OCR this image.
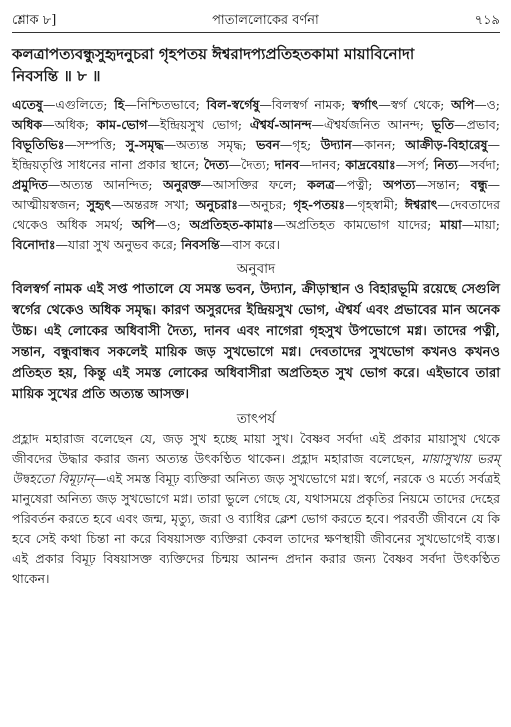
শ্লোক ৮]	পাতাললোকের বর্ণনা	৭১৯
কলত্রাপত্যবন্ধুসুহৃদনুচরা গৃহপতয় ঈশ্বরাদপ্যপ্রতিহতকামা মায়াবিনোদা
নিবসন্তি ॥ ৮ ॥
এতেষু—এগুলিতে; হি—নিশ্চিতভাবে; বিল-স্বর্গেষু—বিলস্বর্গ নামক; স্বর্গাৎ—স্বর্গ থেকে; অপি—ও; অধিক—অধিক; কাম-ভোগ—ইন্দ্রিয়সুখ ভোগ; ঐশ্বর্য-আনন্দ—ঐশ্বর্যজনিত আনন্দ; ভূতি—প্রভাব; বিভূতিভিঃ—সম্পত্তি; সু-সমৃদ্ধ—অত্যন্ত সমৃদ্ধ; ভবন—গৃহ; উদ্যান—কানন; আক্রীড়-বিহারেষু—ইন্দ্রিয়তৃপ্তি সাধনের নানা প্রকার স্থানে; দৈত্য—দৈত্য; দানব—দানব; কাদ্রবেয়াঃ—সর্প; নিত্য—সর্বদা; প্রমুদিত—অত্যন্ত আনন্দিত; অনুরক্ত—আসক্তির ফলে; কলত্র—পত্নী; অপত্য—সন্তান; বন্ধু—আত্মীয়স্বজন; সুহৃৎ—অন্তরঙ্গ সখা; অনুচরাঃ—অনুচর; গৃহ-পতয়ঃ—গৃহস্বামী; ঈশ্বরাৎ—দেবতাদের থেকেও অধিক সমর্থ; অপি—ও; অপ্রতিহত-কামাঃ—অপ্রতিহত কামভোগ যাদের; মায়া—মায়া; বিনোদাঃ—যারা সুখ অনুভব করে; নিবসন্তি—বাস করে।
অনুবাদ
বিলস্বর্গ নামক এই সপ্ত পাতালে যে সমস্ত ভবন, উদ্যান, ক্রীড়াস্থান ও বিহারভূমি রয়েছে সেগুলি স্বর্গের থেকেও অধিক সমৃদ্ধ। কারণ অসুরদের ইন্দ্রিয়সুখ ভোগ, ঐশ্বর্য এবং প্রভাবের মান অনেক উচ্চ। এই লোকের অধিবাসী দৈত্য, দানব এবং নাগেরা গৃহসুখ উপভোগে মগ্ন। তাদের পত্নী, সন্তান, বন্ধুবান্ধব সকলেই মায়িক জড় সুখভোগে মগ্ন। দেবতাদের সুখভোগ কখনও কখনও প্রতিহত হয়, কিন্তু এই সমস্ত লোকের অধিবাসীরা অপ্রতিহত সুখ ভোগ করে। এইভাবে তারা মায়িক সুখের প্রতি অত্যন্ত আসক্ত।
তাৎপর্য
প্রহ্লাদ মহারাজ বলেছেন যে, জড় সুখ হচ্ছে মায়া সুখ। বৈষ্ণব সর্বদা এই প্রকার মায়াসুখ থেকে জীবদের উদ্ধার করার জন্য অত্যন্ত উৎকণ্ঠিত থাকেন। প্রহ্লাদ মহারাজ বলেছেন, মায়াসুখায় ভরম্ উদ্বহতো বিমূঢ়ান্—এই সমস্ত বিমূঢ় ব্যক্তিরা অনিত্য জড় সুখভোগে মগ্ন। স্বর্গে, নরকে ও মর্ত্যে সর্বত্রই মানুষেরা অনিত্য জড় সুখভোগে মগ্ন। তারা ভুলে গেছে যে, যথাসময়ে প্রকৃতির নিয়মে তাদের দেহের পরিবর্তন করতে হবে এবং জন্ম, মৃত্যু, জরা ও ব্যাধির ক্লেশ ভোগ করতে হবে। পরবর্তী জীবনে যে কি হবে সেই কথা চিন্তা না করে বিষয়াসক্ত ব্যক্তিরা কেবল তাদের ক্ষণস্থায়ী জীবনের সুখভোগেই ব্যস্ত। এই প্রকার বিমূঢ় বিষয়াসক্ত ব্যক্তিদের চিন্ময় আনন্দ প্রদান করার জন্য বৈষ্ণব সর্বদা উৎকণ্ঠিত থাকেন।
